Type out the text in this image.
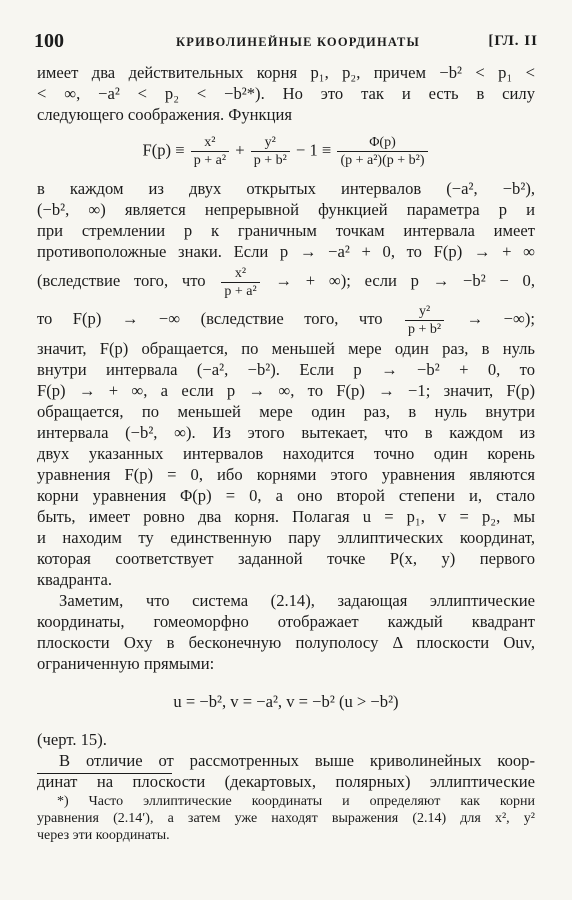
100	КРИВОЛИНЕЙНЫЕ КООРДИНАТЫ	[ГЛ. II
имеет два действительных корня p₁, p₂, причем −b² < p₁ <
< ∞, −a² < p₂ < −b²*). Но это так и есть в силу
следующего соображения. Функция
$F(p) \equiv \frac{\text{x²}}{\text{p + a²}} + \frac{\text{y²}}{\text{p + b²}} - 1 \equiv \frac{\Phi(p)}{\text{(p + a²)(p + b²)}}$
в каждом из двух открытых интервалов (−a², −b²),
(−b², ∞) является непрерывной функцией параметра p и
при стремлении p к граничным точкам интервала имеет
противоположные знаки. Если p → −a² + 0, то F(p) → + ∞
(вследствие того, что $\frac{\text{x²}}{\text{p + a²}}$ → + ∞); если p → −b² − 0,
то F(p) → −∞ (вследствие того, что $\frac{\text{y²}}{\text{p + b²}}$ → −∞);
значит, F(p) обращается, по меньшей мере один раз, в нуль
внутри интервала (−a², −b²). Если p → −b² + 0, то
F(p) → + ∞, а если p → ∞, то F(p) → −1; значит, F(p)
обращается, по меньшей мере один раз, в нуль внутри
интервала (−b², ∞). Из этого вытекает, что в каждом из
двух указанных интервалов находится точно один корень
уравнения F(p) = 0, ибо корнями этого уравнения являются
корни уравнения Φ(p) = 0, а оно второй степени и, стало
быть, имеет ровно два корня. Полагая u = p₁, v = p₂, мы
и находим ту единственную пару эллиптических координат,
которая соответствует заданной точке P(x, y) первого
квадранта.
Заметим, что система (2.14), задающая эллиптические
координаты, гомеоморфно отображает каждый квадрант
плоскости Oxy в бесконечную полуполосу Δ плоскости Ouv,
ограниченную прямыми:
u = −b², v = −a², v = −b² (u > −b²)
(черт. 15).
В отличие от рассмотренных выше криволинейных коор-
динат на плоскости (декартовых, полярных) эллиптические
*) Часто эллиптические координаты и определяют как корни
уравнения (2.14′), а затем уже находят выражения (2.14) для x², y²
через эти координаты.
